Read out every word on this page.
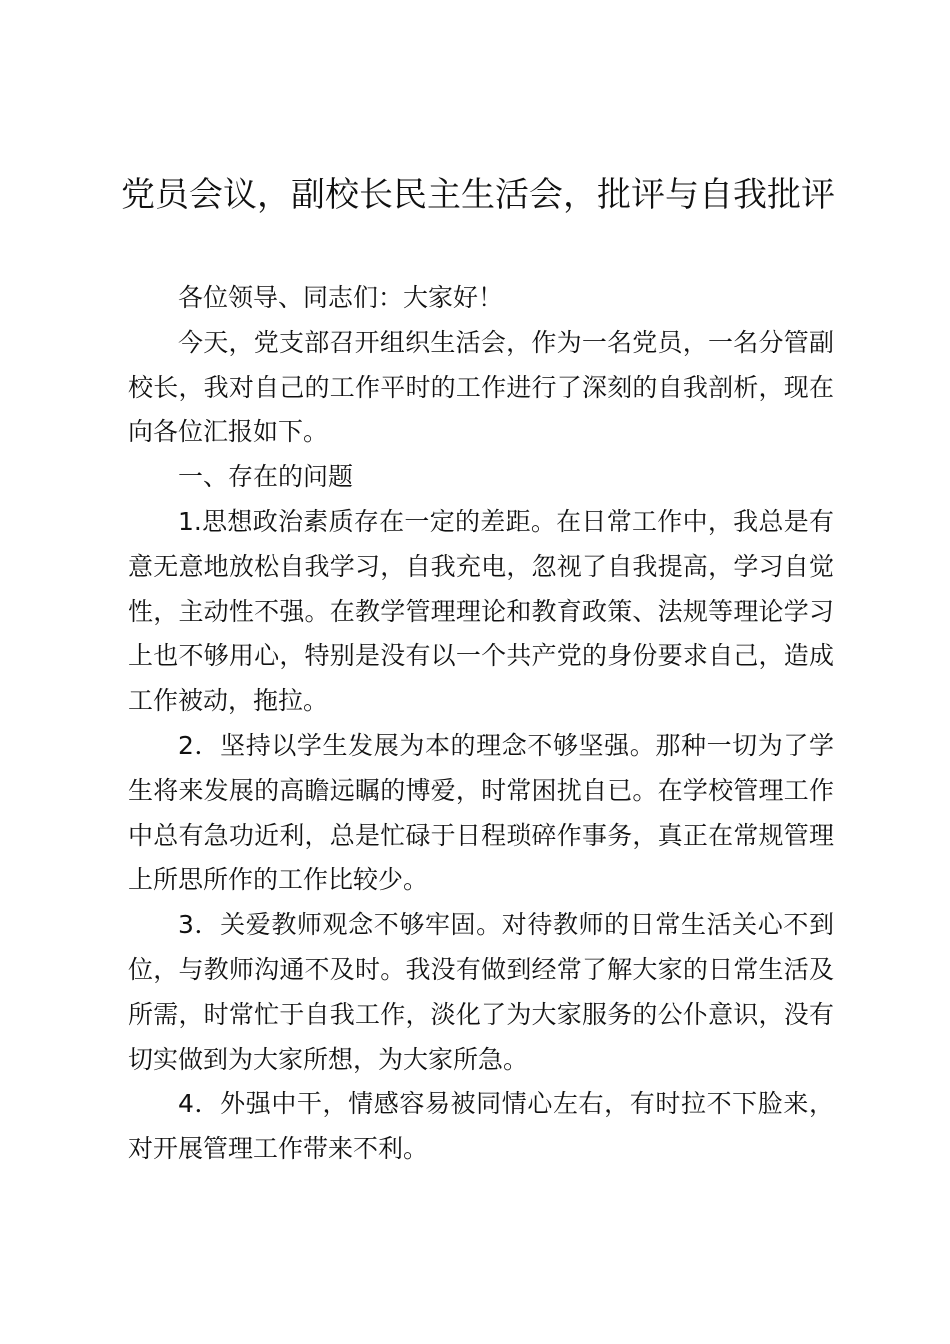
党员会议，副校长民主生活会，批评与自我批评

各位领导、同志们：大家好！

今天，党支部召开组织生活会，作为一名党员，一名分管副校长，我对自己的工作平时的工作进行了深刻的自我剖析，现在向各位汇报如下。

一、存在的问题

1.思想政治素质存在一定的差距。在日常工作中，我总是有意无意地放松自我学习，自我充电，忽视了自我提高，学习自觉性，主动性不强。在教学管理理论和教育政策、法规等理论学习上也不够用心，特别是没有以一个共产党的身份要求自己，造成工作被动，拖拉。

2．坚持以学生发展为本的理念不够坚强。那种一切为了学生将来发展的高瞻远瞩的博爱，时常困扰自已。在学校管理工作中总有急功近利，总是忙碌于日程琐碎作事务，真正在常规管理上所思所作的工作比较少。

3．关爱教师观念不够牢固。对待教师的日常生活关心不到位，与教师沟通不及时。我没有做到经常了解大家的日常生活及所需，时常忙于自我工作，淡化了为大家服务的公仆意识，没有切实做到为大家所想，为大家所急。

4．外强中干，情感容易被同情心左右，有时拉不下脸来，对开展管理工作带来不利。
